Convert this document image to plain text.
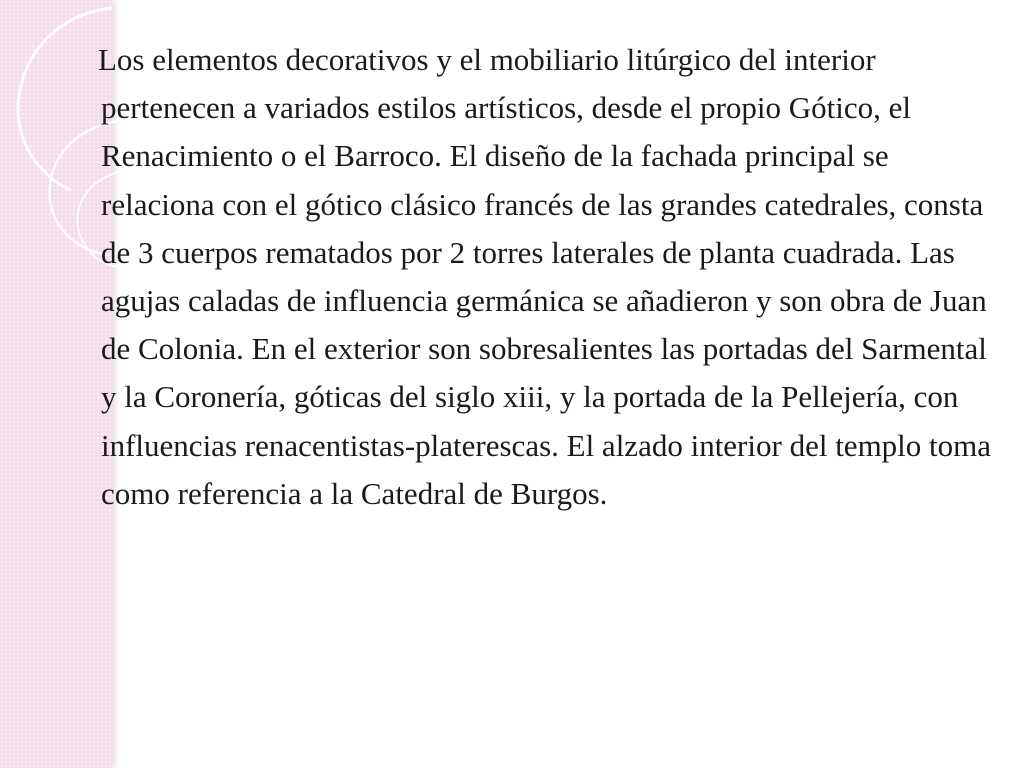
Los elementos decorativos y el mobiliario litúrgico del interior pertenecen a variados estilos artísticos, desde el propio Gótico, el Renacimiento o el Barroco. El diseño de la fachada principal se relaciona con el gótico clásico francés de las grandes catedrales, consta de 3 cuerpos rematados por 2 torres laterales de planta cuadrada. Las agujas caladas de influencia germánica se añadieron y son obra de Juan de Colonia. En el exterior son sobresalientes las portadas del Sarmental y la Coronería, góticas del siglo xiii, y la portada de la Pellejería, con influencias renacentistas-platerescas. El alzado interior del templo toma como referencia a la Catedral de Burgos.
